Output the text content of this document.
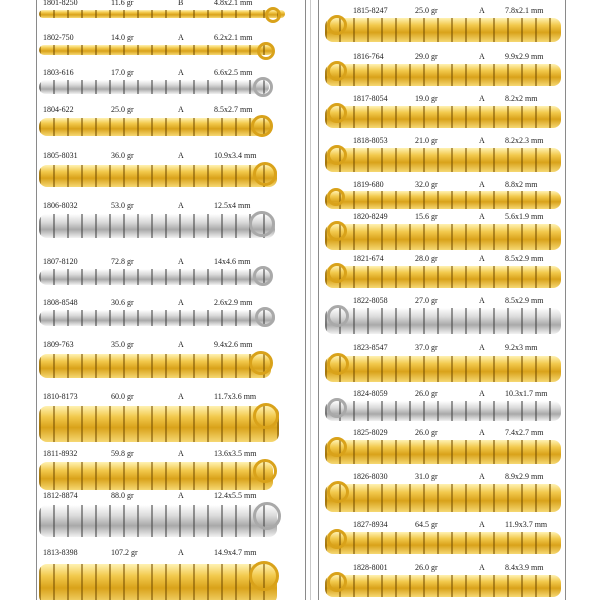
1801-8250	11.6 gr	B	4.8x2.1 mm
1802-750	14.0 gr	A	6.2x2.1 mm
1803-616	17.0 gr	A	6.6x2.5 mm
1804-622	25.0 gr	A	8.5x2.7 mm
1805-8031	36.0 gr	A	10.9x3.4 mm
1806-8032	53.0 gr	A	12.5x4 mm
1807-8120	72.8 gr	A	14x4.6 mm
1808-8548	30.6 gr	A	2.6x2.9 mm
1809-763	35.0 gr	A	9.4x2.6 mm
1810-8173	60.0 gr	A	11.7x3.6 mm
1811-8932	59.8 gr	A	13.6x3.5 mm
1812-8874	88.0 gr	A	12.4x5.5 mm
1813-8398	107.2 gr	A	14.9x4.7 mm
1815-8247	25.0 gr	A	7.8x2.1 mm
1816-764	29.0 gr	A	9.9x2.9 mm
1817-8054	19.0 gr	A	8.2x2 mm
1818-8053	21.0 gr	A	8.2x2.3 mm
1819-680	32.0 gr	A	8.8x2 mm
1820-8249	15.6 gr	A	5.6x1.9 mm
1821-674	28.0 gr	A	8.5x2.9 mm
1822-8058	27.0 gr	A	8.5x2.9 mm
1823-8547	37.0 gr	A	9.2x3 mm
1824-8059	26.0 gr	A	10.3x1.7 mm
1825-8029	26.0 gr	A	7.4x2.7 mm
1826-8030	31.0 gr	A	8.9x2.9 mm
1827-8934	64.5 gr	A	11.9x3.7 mm
1828-8001	26.0 gr	A	8.4x3.9 mm
